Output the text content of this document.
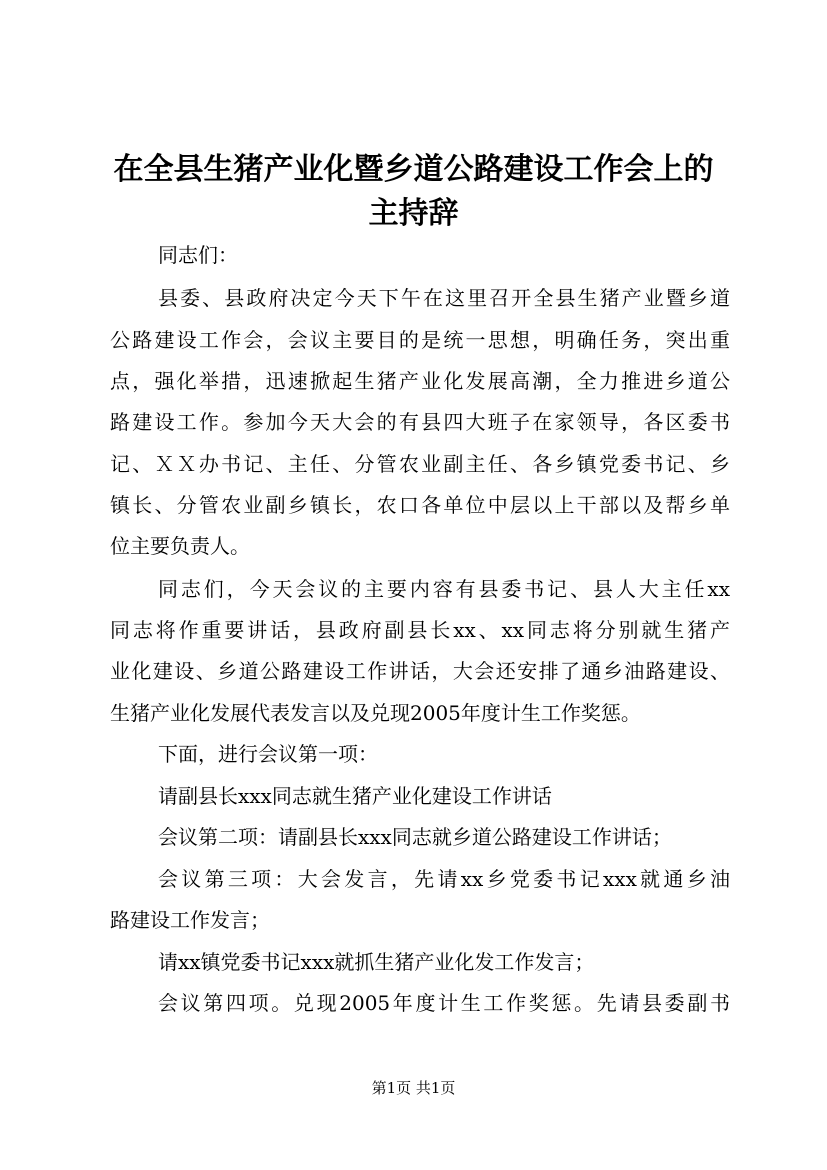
在全县生猪产业化暨乡道公路建设工作会上的
主持辞
同志们：
县委、县政府决定今天下午在这里召开全县生猪产业暨乡道
公路建设工作会，会议主要目的是统一思想，明确任务，突出重
点，强化举措，迅速掀起生猪产业化发展高潮，全力推进乡道公
路建设工作。参加今天大会的有县四大班子在家领导，各区委书
记、ＸＸ办书记、主任、分管农业副主任、各乡镇党委书记、乡
镇长、分管农业副乡镇长，农口各单位中层以上干部以及帮乡单
位主要负责人。
同志们，今天会议的主要内容有县委书记、县人大主任xx
同志将作重要讲话，县政府副县长xx、xx同志将分别就生猪产
业化建设、乡道公路建设工作讲话，大会还安排了通乡油路建设、
生猪产业化发展代表发言以及兑现2005年度计生工作奖惩。
下面，进行会议第一项：
请副县长xxx同志就生猪产业化建设工作讲话
会议第二项：请副县长xxx同志就乡道公路建设工作讲话；
会议第三项：大会发言，先请xx乡党委书记xxx就通乡油
路建设工作发言；
请xx镇党委书记xxx就抓生猪产业化发工作发言；
会议第四项。兑现2005年度计生工作奖惩。先请县委副书
第1页 共1页
